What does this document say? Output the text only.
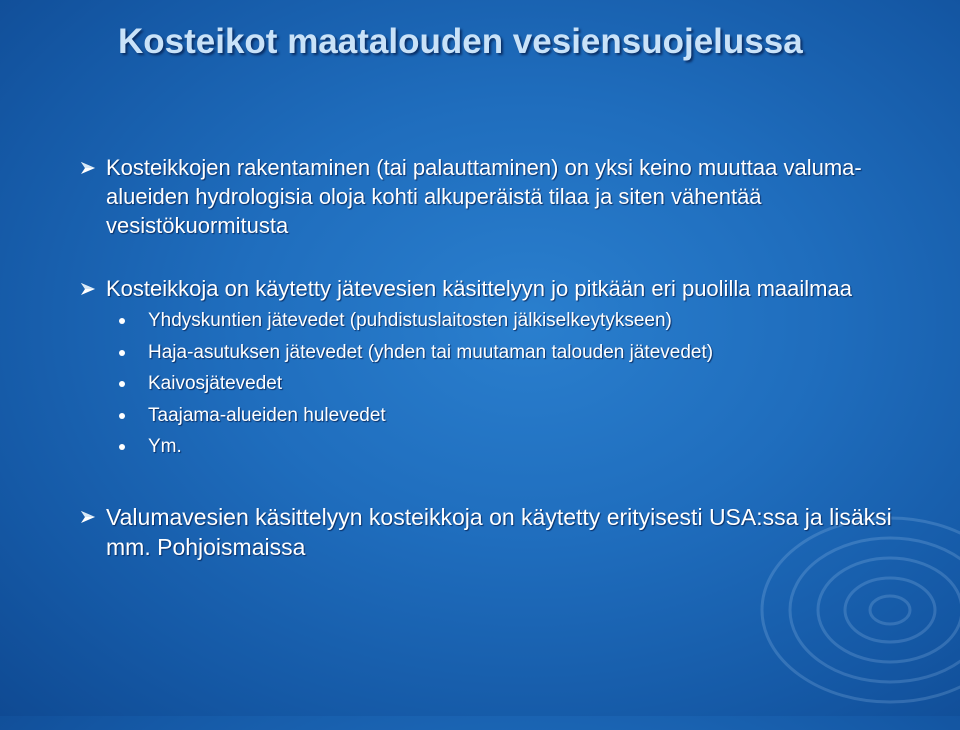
Kosteikot maatalouden vesiensuojelussa
Kosteikkojen rakentaminen (tai palauttaminen) on yksi keino muuttaa valuma-alueiden hydrologisia oloja kohti alkuperäistä tilaa ja siten vähentää vesistökuormitusta
Kosteikkoja on käytetty jätevesien käsittelyyn jo pitkään eri puolilla maailmaa
Yhdyskuntien jätevedet (puhdistuslaitosten jälkiselkeytykseen)
Haja-asutuksen jätevedet (yhden tai muutaman talouden jätevedet)
Kaivosjätevedet
Taajama-alueiden hulevedet
Ym.
Valumavesien käsittelyyn kosteikkoja on käytetty erityisesti USA:ssa ja lisäksi mm. Pohjoismaissa
